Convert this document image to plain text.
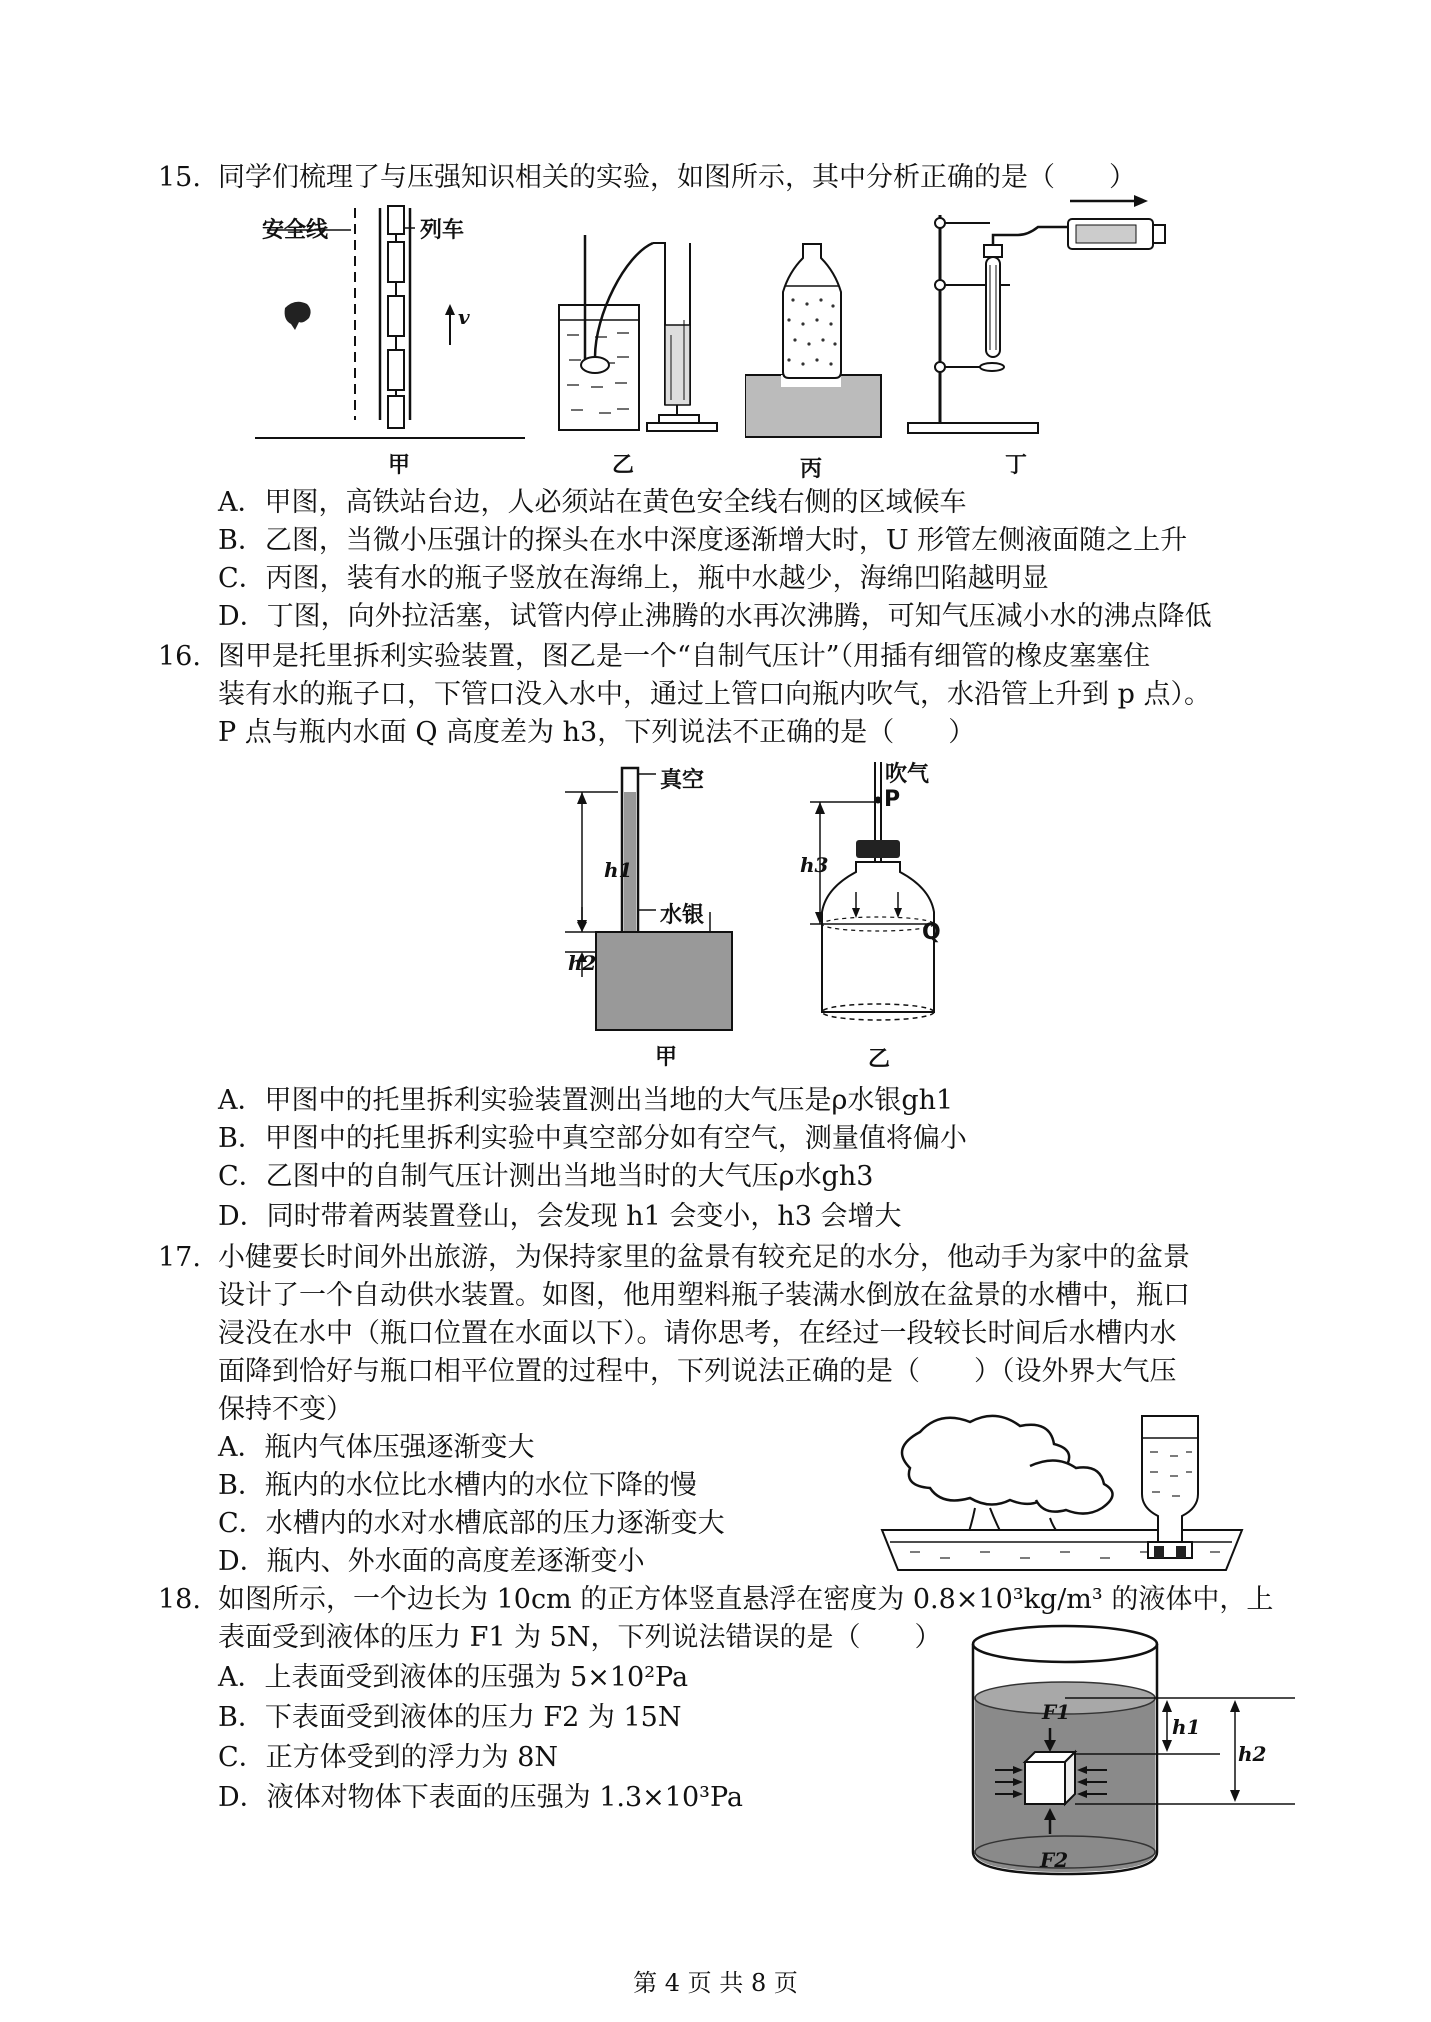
15. 同学们梳理了与压强知识相关的实验，如图所示，其中分析正确的是（　　）
安全线	列车
v
甲	乙	丙	丁
A．甲图，高铁站台边，人必须站在黄色安全线右侧的区域候车
B．乙图，当微小压强计的探头在水中深度逐渐增大时，U 形管左侧液面随之上升
C．丙图，装有水的瓶子竖放在海绵上，瓶中水越少，海绵凹陷越明显
D．丁图，向外拉活塞，试管内停止沸腾的水再次沸腾，可知气压减小水的沸点降低
16. 图甲是托里拆利实验装置，图乙是一个“自制气压计”（用插有细管的橡皮塞塞住
装有水的瓶子口，下管口没入水中，通过上管口向瓶内吹气，水沿管上升到 p 点）。
P 点与瓶内水面 Q 高度差为 h3，下列说法不正确的是（　　）
真空
水银
h1
h2
甲
吹气
P
Q
h3
乙
A．甲图中的托里拆利实验装置测出当地的大气压是ρ水银gh1
B．甲图中的托里拆利实验中真空部分如有空气，测量值将偏小
C．乙图中的自制气压计测出当地当时的大气压ρ水gh3
D．同时带着两装置登山，会发现 h1 会变小，h3 会增大
17. 小健要长时间外出旅游，为保持家里的盆景有较充足的水分，他动手为家中的盆景
设计了一个自动供水装置。如图，他用塑料瓶子装满水倒放在盆景的水槽中，瓶口
浸没在水中（瓶口位置在水面以下）。请你思考，在经过一段较长时间后水槽内水
面降到恰好与瓶口相平位置的过程中，下列说法正确的是（　　）（设外界大气压
保持不变）
A．瓶内气体压强逐渐变大
B．瓶内的水位比水槽内的水位下降的慢
C．水槽内的水对水槽底部的压力逐渐变大
D．瓶内、外水面的高度差逐渐变小
18. 如图所示，一个边长为 10cm 的正方体竖直悬浮在密度为 0.8×10³kg/m³ 的液体中，上
表面受到液体的压力 F1 为 5N，下列说法错误的是（　　）
A．上表面受到液体的压强为 5×10²Pa
B．下表面受到液体的压力 F2 为 15N
C．正方体受到的浮力为 8N
D．液体对物体下表面的压强为 1.3×10³Pa
F1
F2
h1
h2
第 4 页 共 8 页
